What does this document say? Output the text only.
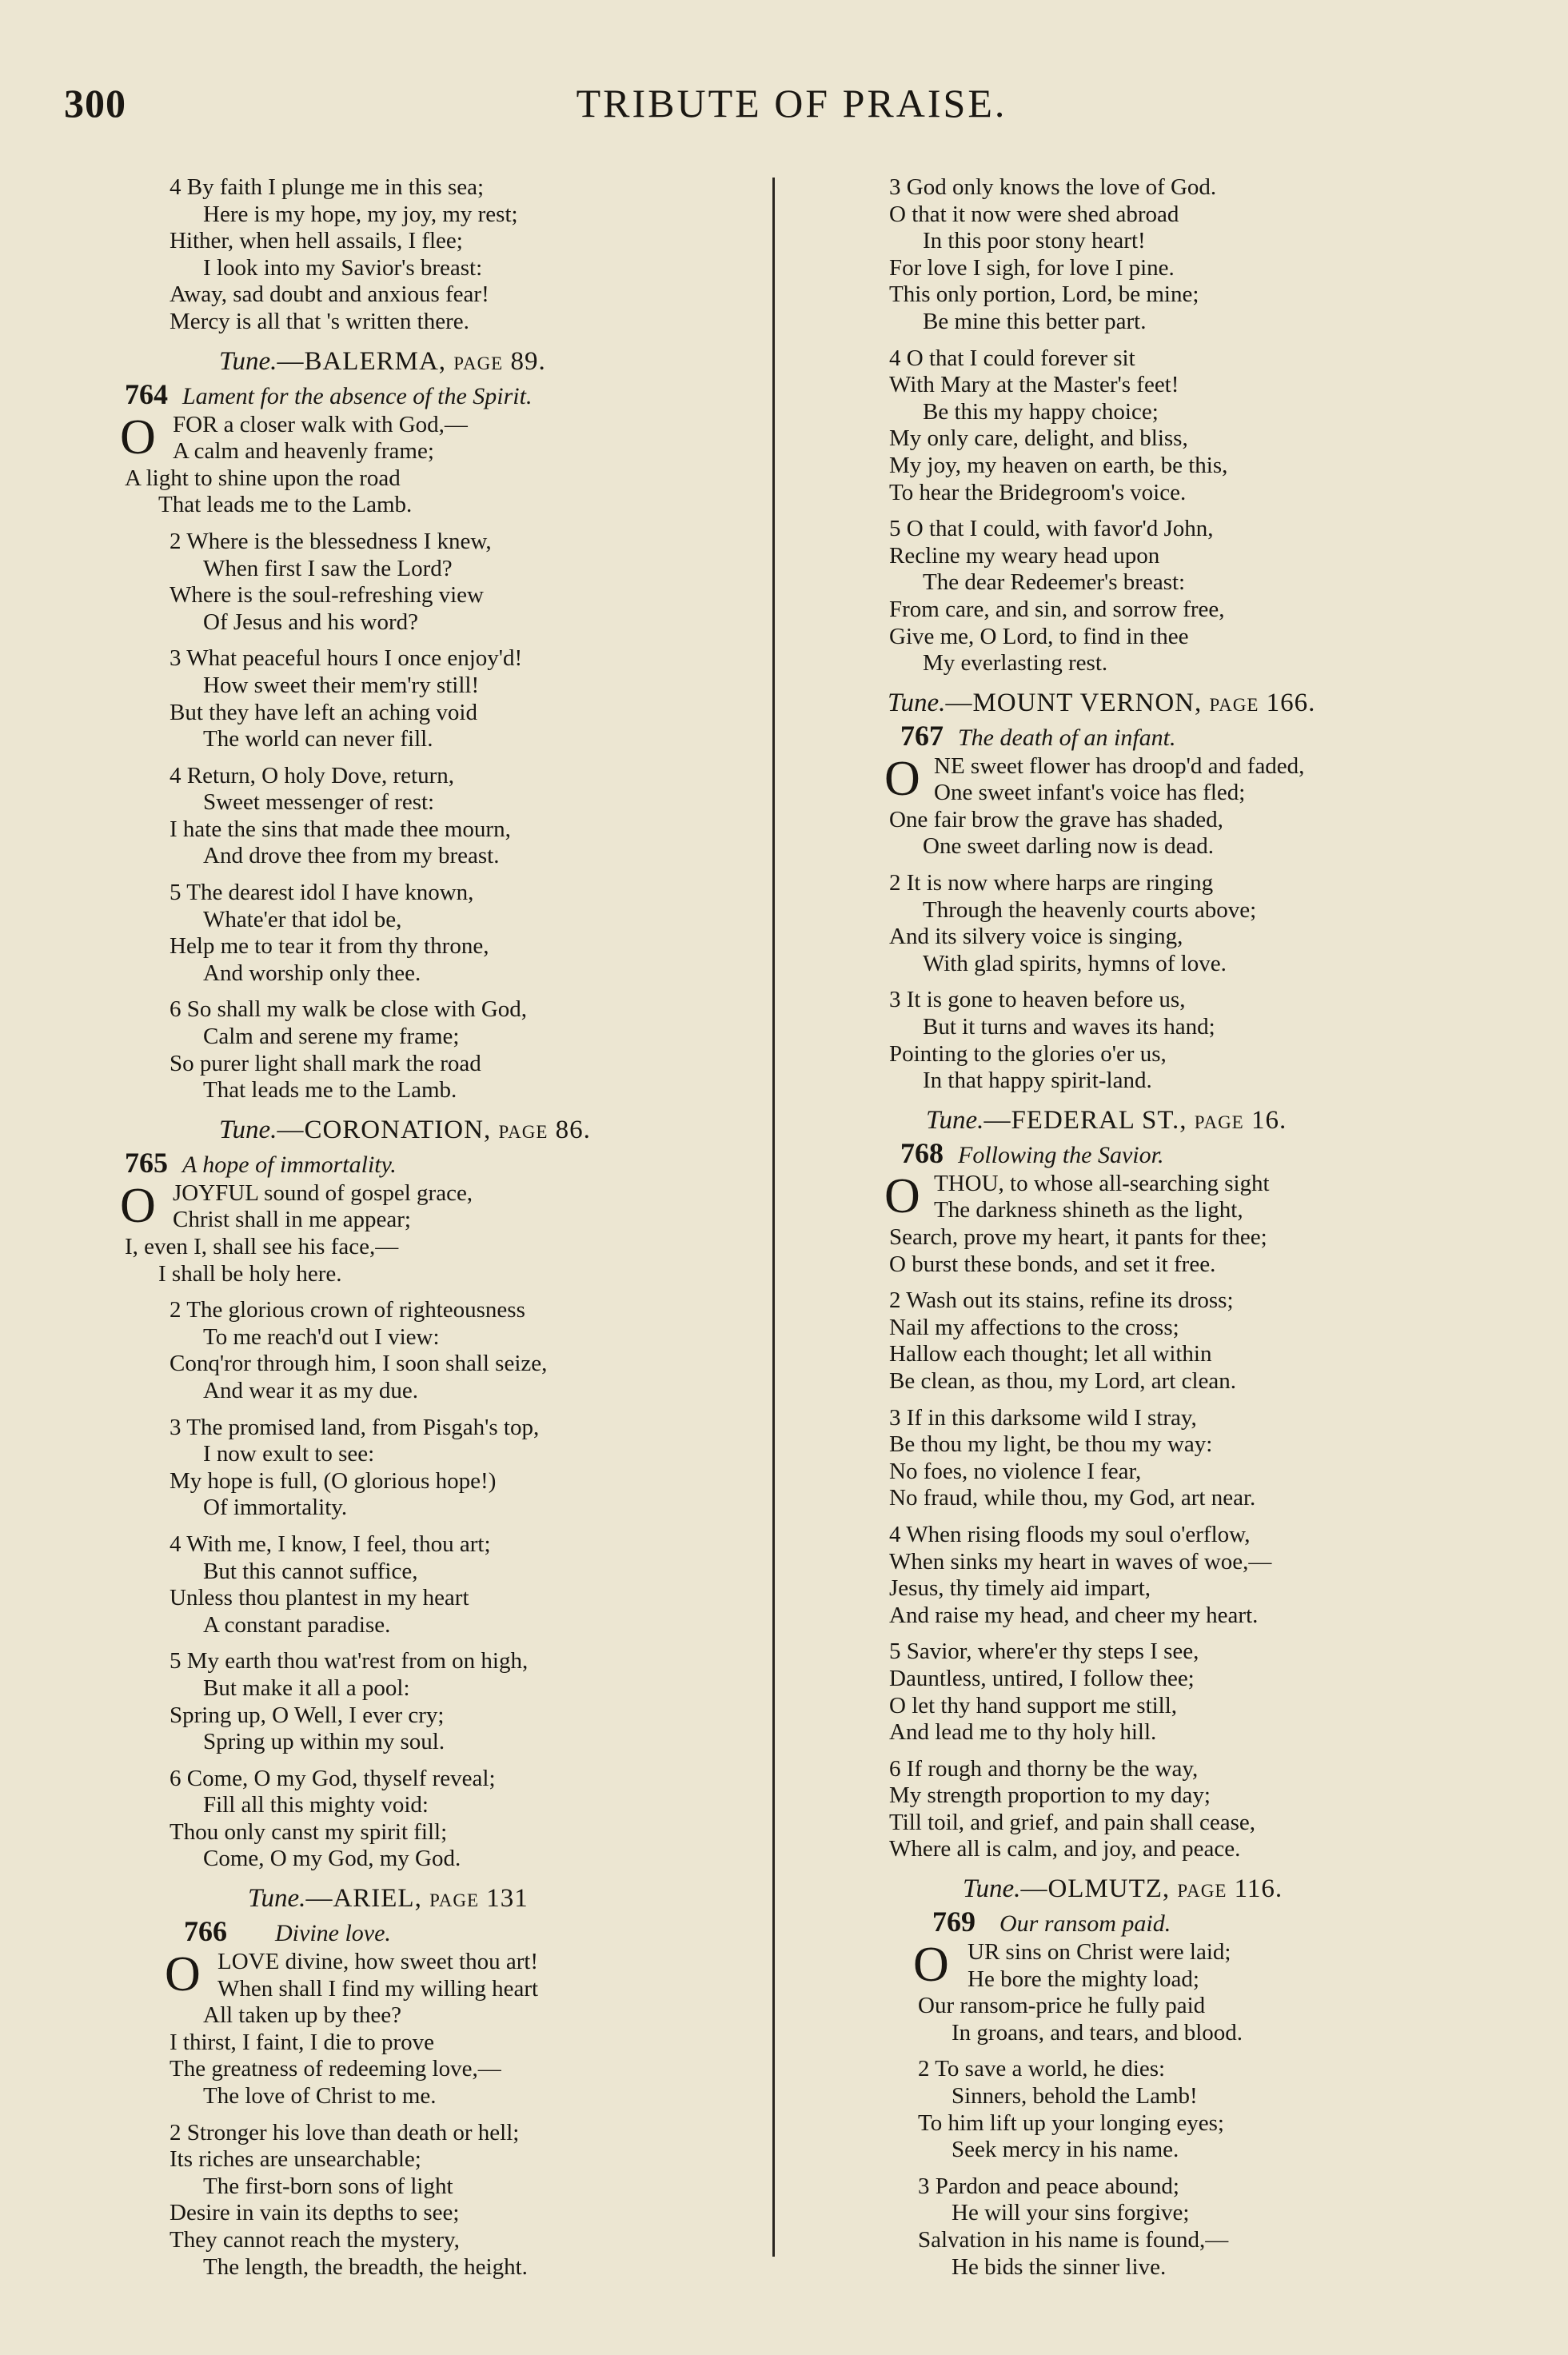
300	TRIBUTE OF PRAISE.
4 By faith I plunge me in this sea;
Here is my hope, my joy, my rest;
Hither, when hell assails, I flee;
I look into my Savior's breast:
Away, sad doubt and anxious fear!
Mercy is all that 's written there.
Tune.—BALERMA, page 89.
764 Lament for the absence of the Spirit.
O FOR a closer walk with God,—
A calm and heavenly frame;
A light to shine upon the road
That leads me to the Lamb.
2 Where is the blessedness I knew,
When first I saw the Lord?
Where is the soul-refreshing view
Of Jesus and his word?
3 What peaceful hours I once enjoy'd!
How sweet their mem'ry still!
But they have left an aching void
The world can never fill.
4 Return, O holy Dove, return,
Sweet messenger of rest:
I hate the sins that made thee mourn,
And drove thee from my breast.
5 The dearest idol I have known,
Whate'er that idol be,
Help me to tear it from thy throne,
And worship only thee.
6 So shall my walk be close with God,
Calm and serene my frame;
So purer light shall mark the road
That leads me to the Lamb.
Tune.—CORONATION, page 86.
765 A hope of immortality.
O JOYFUL sound of gospel grace,
Christ shall in me appear;
I, even I, shall see his face,—
I shall be holy here.
2 The glorious crown of righteousness
To me reach'd out I view:
Conq'ror through him, I soon shall seize,
And wear it as my due.
3 The promised land, from Pisgah's top,
I now exult to see:
My hope is full, (O glorious hope!)
Of immortality.
4 With me, I know, I feel, thou art;
But this cannot suffice,
Unless thou plantest in my heart
A constant paradise.
5 My earth thou wat'rest from on high,
But make it all a pool:
Spring up, O Well, I ever cry;
Spring up within my soul.
6 Come, O my God, thyself reveal;
Fill all this mighty void:
Thou only canst my spirit fill;
Come, O my God, my God.
Tune.—ARIEL, page 131
766 Divine love.
O LOVE divine, how sweet thou art!
When shall I find my willing heart
All taken up by thee?
I thirst, I faint, I die to prove
The greatness of redeeming love,—
The love of Christ to me.
2 Stronger his love than death or hell;
Its riches are unsearchable;
The first-born sons of light
Desire in vain its depths to see;
They cannot reach the mystery,
The length, the breadth, the height.
3 God only knows the love of God.
O that it now were shed abroad
In this poor stony heart!
For love I sigh, for love I pine.
This only portion, Lord, be mine;
Be mine this better part.
4 O that I could forever sit
With Mary at the Master's feet!
Be this my happy choice;
My only care, delight, and bliss,
My joy, my heaven on earth, be this,
To hear the Bridegroom's voice.
5 O that I could, with favor'd John,
Recline my weary head upon
The dear Redeemer's breast:
From care, and sin, and sorrow free,
Give me, O Lord, to find in thee
My everlasting rest.
Tune.—MOUNT VERNON, page 166.
767 The death of an infant.
O NE sweet flower has droop'd and faded,
One sweet infant's voice has fled;
One fair brow the grave has shaded,
One sweet darling now is dead.
2 It is now where harps are ringing
Through the heavenly courts above;
And its silvery voice is singing,
With glad spirits, hymns of love.
3 It is gone to heaven before us,
But it turns and waves its hand;
Pointing to the glories o'er us,
In that happy spirit-land.
Tune.—FEDERAL ST., page 16.
768 Following the Savior.
O THOU, to whose all-searching sight
The darkness shineth as the light,
Search, prove my heart, it pants for thee;
O burst these bonds, and set it free.
2 Wash out its stains, refine its dross;
Nail my affections to the cross;
Hallow each thought; let all within
Be clean, as thou, my Lord, art clean.
3 If in this darksome wild I stray,
Be thou my light, be thou my way:
No foes, no violence I fear,
No fraud, while thou, my God, art near.
4 When rising floods my soul o'erflow,
When sinks my heart in waves of woe,—
Jesus, thy timely aid impart,
And raise my head, and cheer my heart.
5 Savior, where'er thy steps I see,
Dauntless, untired, I follow thee;
O let thy hand support me still,
And lead me to thy holy hill.
6 If rough and thorny be the way,
My strength proportion to my day;
Till toil, and grief, and pain shall cease,
Where all is calm, and joy, and peace.
Tune.—OLMUTZ, page 116.
769 Our ransom paid.
O UR sins on Christ were laid;
He bore the mighty load;
Our ransom-price he fully paid
In groans, and tears, and blood.
2 To save a world, he dies:
Sinners, behold the Lamb!
To him lift up your longing eyes;
Seek mercy in his name.
3 Pardon and peace abound;
He will your sins forgive;
Salvation in his name is found,—
He bids the sinner live.
